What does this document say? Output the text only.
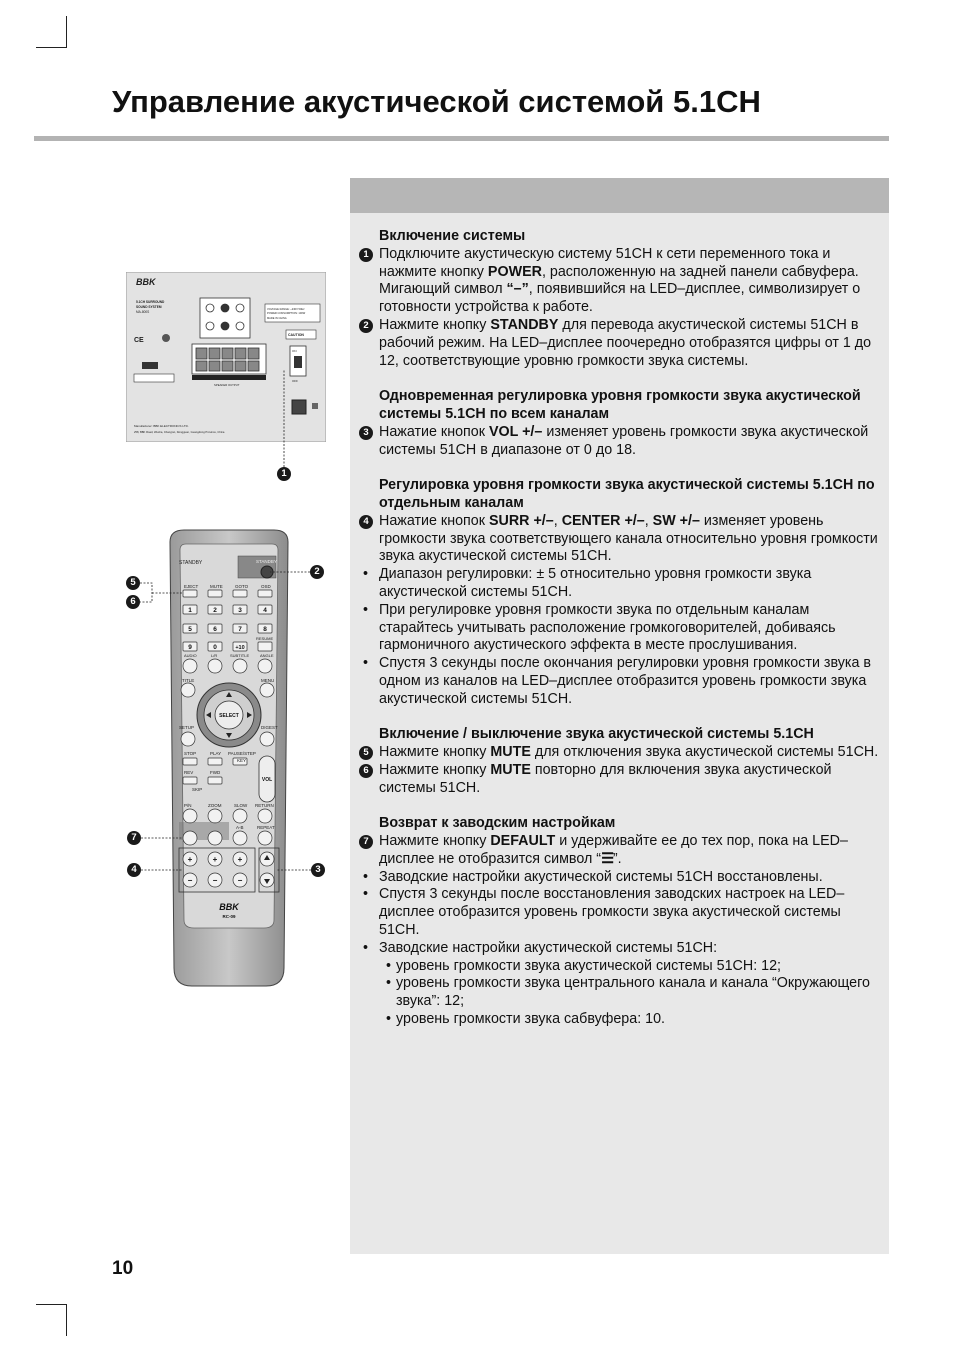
Управление акустической системой 5.1CH
Включение системы
1 Подключите акустическую систему 51CH к сети переменного тока и нажмите кнопку POWER, расположенную на задней панели сабвуфера. Мигающий символ “–”, появившийся на LED–дисплее, символизирует о готовности устройства к работе.
2 Нажмите кнопку STANDBY для перевода акустической системы 51CH в рабочий режим. На LED–дисплее поочередно отобразятся цифры от 1 до 12, соответствующие уровню громкости звука системы.
Одновременная регулировка уровня громкости звука акустической системы 5.1CH по всем каналам
3 Нажатие кнопок VOL +/– изменяет уровень громкости звука акустической системы 51CH в диапазоне от 0 до 18.
Регулировка уровня громкости звука акустической системы 5.1CH по отдельным каналам
4 Нажатие кнопок SURR +/–, CENTER +/–, SW +/– изменяет уровень громкости звука соответствующего канала относительно уровня громкости звука акустической системы 51CH.
• Диапазон регулировки: ± 5 относительно уровня громкости звука акустической системы 51CH.
• При регулировке уровня громкости звука по отдельным каналам старайтесь учитывать расположение громкоговорителей, добиваясь гармоничного акустического эффекта в месте прослушивания.
• Спустя 3 секунды после окончания регулировки уровня громкости звука в одном из каналов на LED–дисплее отобразится уровень громкости звука акустической системы 51CH.
Включение / выключение звука акустической системы 5.1CH
5 Нажмите кнопку MUTE для отключения звука акустической системы 51CH.
6 Нажмите кнопку MUTE повторно для включения звука акустической системы 51CH.
Возврат к заводским настройкам
7 Нажмите кнопку DEFAULT и удерживайте ее до тех пор, пока на LED–дисплее не отобразится символ “☰”.
• Заводские настройки акустической системы 51CH восстановлены.
• Спустя 3 секунды после восстановления заводских настроек на LED–дисплее отобразится уровень громкости звука акустической системы 51CH.
• Заводские настройки акустической системы 51CH:
• уровень громкости звука акустической системы 51CH: 12;
• уровень громкости звука центрального канала и канала “Окружающего звука”: 12;
• уровень громкости звука сабвуфера: 10.
BBK
5.1CH SURROUND
SOUND SYSTEM
MA-800S
VOLTAGE RANGE: ~230V 50Hz
POWER CONSUMPTION: 100W
MADE IN CHINA
CAUTION
CE
SPEAKER OUTPUT
ON
OFF
Manufacturer: BBK ELECTRONICS LTD.
258, BBK Road, Wusha, Chang'an, Dongguan, Guangdong Province, China
STANDBY	STANDBY
EJECT	MUTE	GOTO	OSD
1	2	3	4
5	6	7	8
9	0	+10
RESUME
AUDIO	L/R	SUBTITLE	ANGLE
TITLE	MENU
SELECT
SETUP	DIGEST
STOP	PLAY PAUSE/STEP
REV	FWD
KEY
SKIP
VOL
P/N	ZOOM	SLOW RETURN
A-B	REPEAT
+	+	+
−	−	−
BBK
RC-09
1
2
5
6
7
4	3
10
